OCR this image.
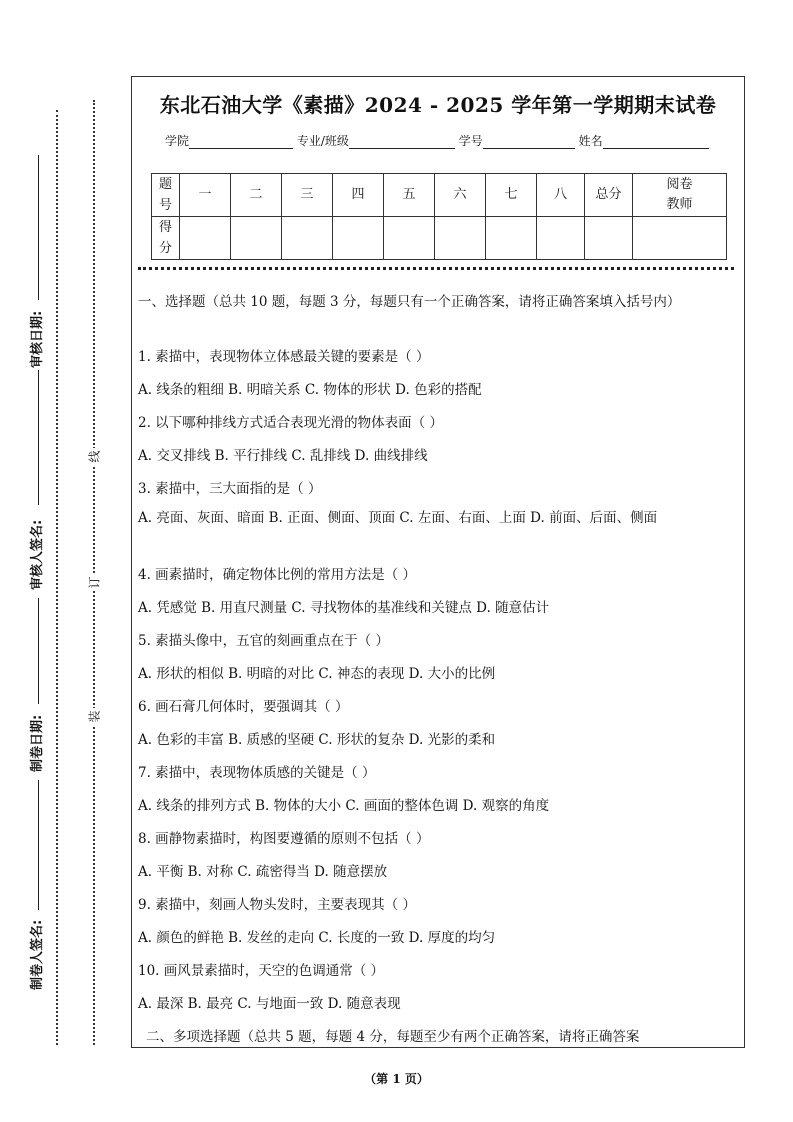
审核日期:
审核人签名:
制卷日期:
制卷人签名:
线
订
装
东北石油大学《素描》2024 - 2025 学年第一学期期末试卷
学院	专业/班级	学号	姓名
题号	一	二	三	四	五	六	七	八	总分	阅卷教师
得分										
一、选择题（总共 10 题，每题 3 分，每题只有一个正确答案，请将正确答案填入括号内）
1. 素描中，表现物体立体感最关键的要素是（ ）
A. 线条的粗细 B. 明暗关系 C. 物体的形状 D. 色彩的搭配
2. 以下哪种排线方式适合表现光滑的物体表面（ ）
A. 交叉排线 B. 平行排线 C. 乱排线 D. 曲线排线
3. 素描中，三大面指的是（ ）
A. 亮面、灰面、暗面 B. 正面、侧面、顶面 C. 左面、右面、上面 D. 前面、后面、侧面
4. 画素描时，确定物体比例的常用方法是（ ）
A. 凭感觉 B. 用直尺测量 C. 寻找物体的基准线和关键点 D. 随意估计
5. 素描头像中，五官的刻画重点在于（ ）
A. 形状的相似 B. 明暗的对比 C. 神态的表现 D. 大小的比例
6. 画石膏几何体时，要强调其（ ）
A. 色彩的丰富 B. 质感的坚硬 C. 形状的复杂 D. 光影的柔和
7. 素描中，表现物体质感的关键是（ ）
A. 线条的排列方式 B. 物体的大小 C. 画面的整体色调 D. 观察的角度
8. 画静物素描时，构图要遵循的原则不包括（ ）
A. 平衡 B. 对称 C. 疏密得当 D. 随意摆放
9. 素描中，刻画人物头发时，主要表现其（ ）
A. 颜色的鲜艳 B. 发丝的走向 C. 长度的一致 D. 厚度的均匀
10. 画风景素描时，天空的色调通常（ ）
A. 最深 B. 最亮 C. 与地面一致 D. 随意表现
二、多项选择题（总共 5 题，每题 4 分，每题至少有两个正确答案，请将正确答案
（第 1 页）
